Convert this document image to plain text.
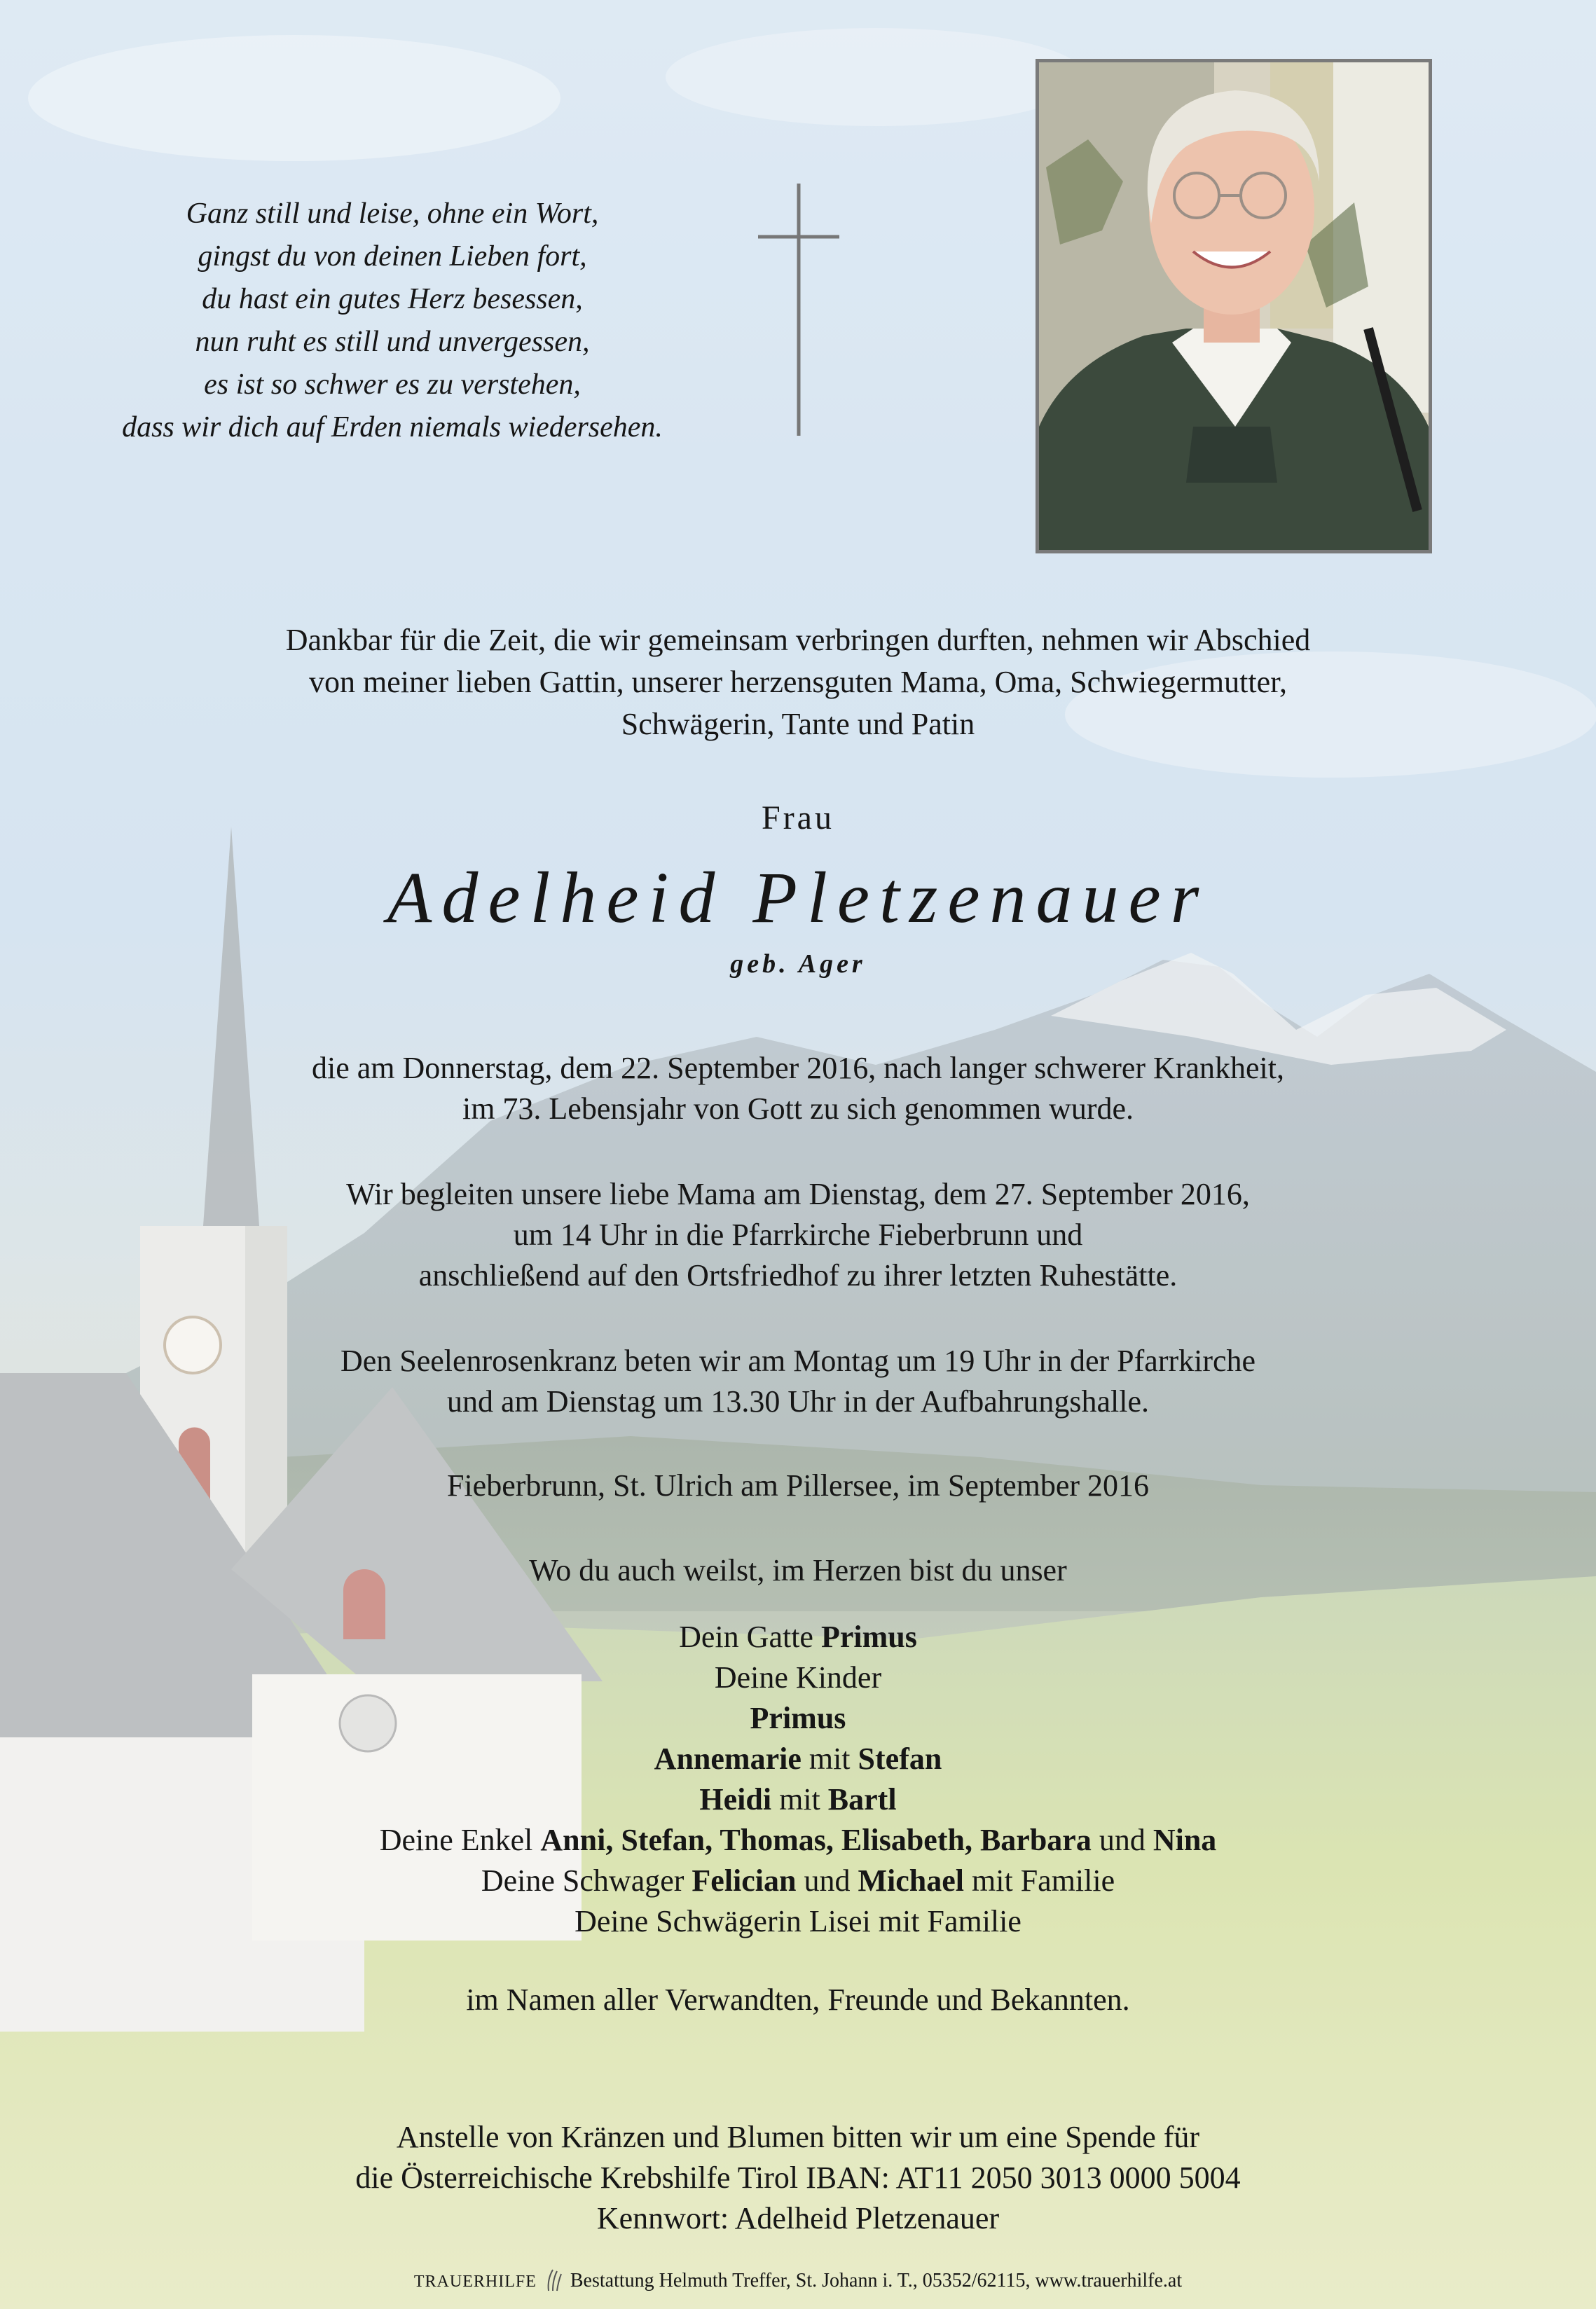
Ganz still und leise, ohne ein Wort,
gingst du von deinen Lieben fort,
du hast ein gutes Herz besessen,
nun ruht es still und unvergessen,
es ist so schwer es zu verstehen,
dass wir dich auf Erden niemals wiedersehen.
Dankbar für die Zeit, die wir gemeinsam verbringen durften, nehmen wir Abschied
von meiner lieben Gattin, unserer herzensguten Mama, Oma, Schwiegermutter,
Schwägerin, Tante und Patin
Frau
Adelheid Pletzenauer
geb. Ager
die am Donnerstag, dem 22. September 2016, nach langer schwerer Krankheit,
im 73. Lebensjahr von Gott zu sich genommen wurde.
Wir begleiten unsere liebe Mama am Dienstag, dem 27. September 2016,
um 14 Uhr in die Pfarrkirche Fieberbrunn und
anschließend auf den Ortsfriedhof zu ihrer letzten Ruhestätte.
Den Seelenrosenkranz beten wir am Montag um 19 Uhr in der Pfarrkirche
und am Dienstag um 13.30 Uhr in der Aufbahrungshalle.
Fieberbrunn, St. Ulrich am Pillersee, im September 2016
Wo du auch weilst, im Herzen bist du unser
Dein Gatte Primus
Deine Kinder
Primus
Annemarie mit Stefan
Heidi mit Bartl
Deine Enkel Anni, Stefan, Thomas, Elisabeth, Barbara und Nina
Deine Schwager Felician und Michael mit Familie
Deine Schwägerin Lisei mit Familie
im Namen aller Verwandten, Freunde und Bekannten.
Anstelle von Kränzen und Blumen bitten wir um eine Spende für
die Österreichische Krebshilfe Tirol IBAN: AT11 2050 3013 0000 5004
Kennwort: Adelheid Pletzenauer
TRAUERHILFE Bestattung Helmuth Treffer, St. Johann i. T., 05352/62115, www.trauerhilfe.at
